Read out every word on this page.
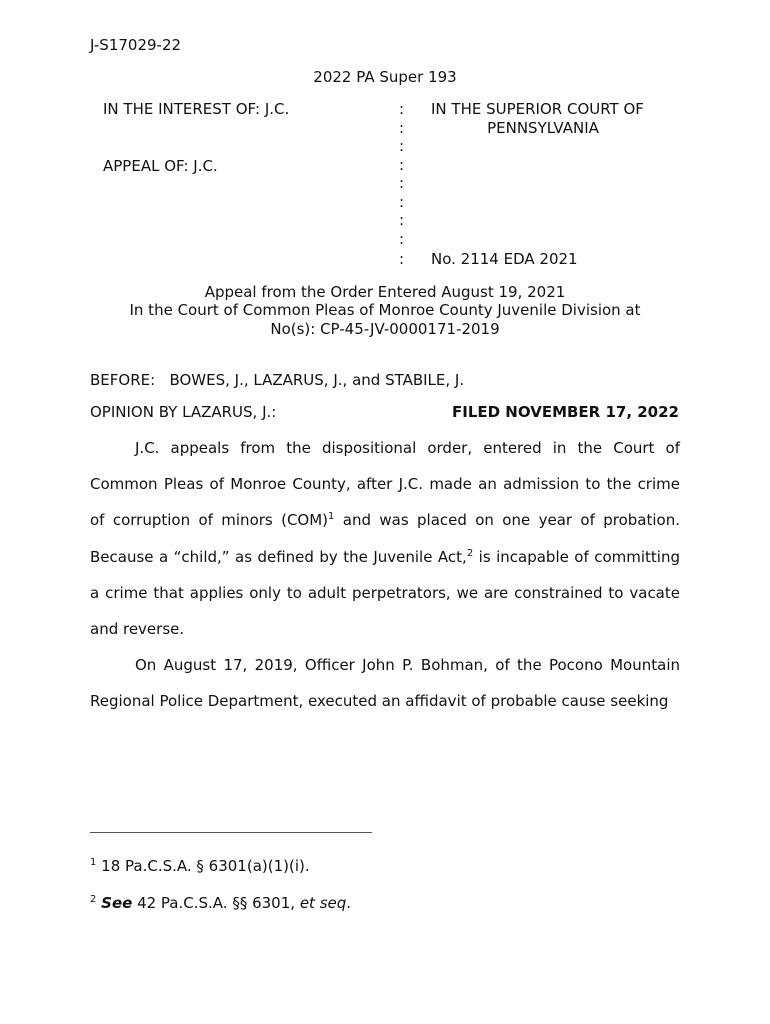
J-S17029-22
2022 PA Super 193
IN THE INTEREST OF: J.C.
APPEAL OF: J.C.
:
:
:
:
:
:
:
:
:
IN THE SUPERIOR COURT OF
PENNSYLVANIA
No. 2114 EDA 2021
Appeal from the Order Entered August 19, 2021
In the Court of Common Pleas of Monroe County Juvenile Division at
No(s): CP-45-JV-0000171-2019
BEFORE:   BOWES, J., LAZARUS, J., and STABILE, J.
OPINION BY LAZARUS, J.:	FILED NOVEMBER 17, 2022

J.C. appeals from the dispositional order, entered in the Court of Common Pleas of Monroe County, after J.C. made an admission to the crime of corruption of minors (COM)$^1$ and was placed on one year of probation. Because a “child,” as defined by the Juvenile Act,$^2$ is incapable of committing a crime that applies only to adult perpetrators, we are constrained to vacate and reverse.

On August 17, 2019, Officer John P. Bohman, of the Pocono Mountain Regional Police Department, executed an affidavit of probable cause seeking

$^1$ 18 Pa.C.S.A. § 6301(a)(1)(i).
$^2$ See 42 Pa.C.S.A. §§ 6301, et seq.
